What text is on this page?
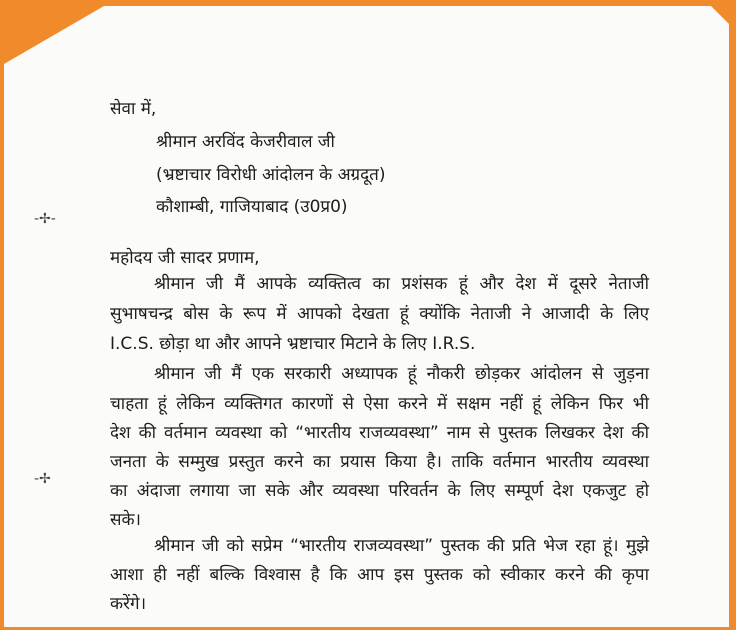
-✢-
-✢
सेवा में,
श्रीमान अरविंद केजरीवाल जी
(भ्रष्टाचार विरोधी आंदोलन के अग्रदूत)
कौशाम्बी, गाजियाबाद (उ0प्र0)
महोदय जी सादर प्रणाम,
श्रीमान जी मैं आपके व्यक्तित्व का प्रशंसक हूं और देश में दूसरे नेताजी
सुभाषचन्द्र बोस के रूप में आपको देखता हूं क्योंकि नेताजी ने आजादी के लिए
I.C.S. छोड़ा था और आपने भ्रष्टाचार मिटाने के लिए I.R.S.
श्रीमान जी मैं एक सरकारी अध्यापक हूं नौकरी छोड़कर आंदोलन से जुड़ना
चाहता हूं लेकिन व्यक्तिगत कारणों से ऐसा करने में सक्षम नहीं हूं लेकिन फिर भी
देश की वर्तमान व्यवस्था को “भारतीय राजव्यवस्था” नाम से पुस्तक लिखकर देश की
जनता के सम्मुख प्रस्तुत करने का प्रयास किया है। ताकि वर्तमान भारतीय व्यवस्था
का अंदाजा लगाया जा सके और व्यवस्था परिवर्तन के लिए सम्पूर्ण देश एकजुट हो
सके।
श्रीमान जी को सप्रेम “भारतीय राजव्यवस्था” पुस्तक की प्रति भेज रहा हूं। मुझे
आशा ही नहीं बल्कि विश्वास है कि आप इस पुस्तक को स्वीकार करने की कृपा
करेंगे।
